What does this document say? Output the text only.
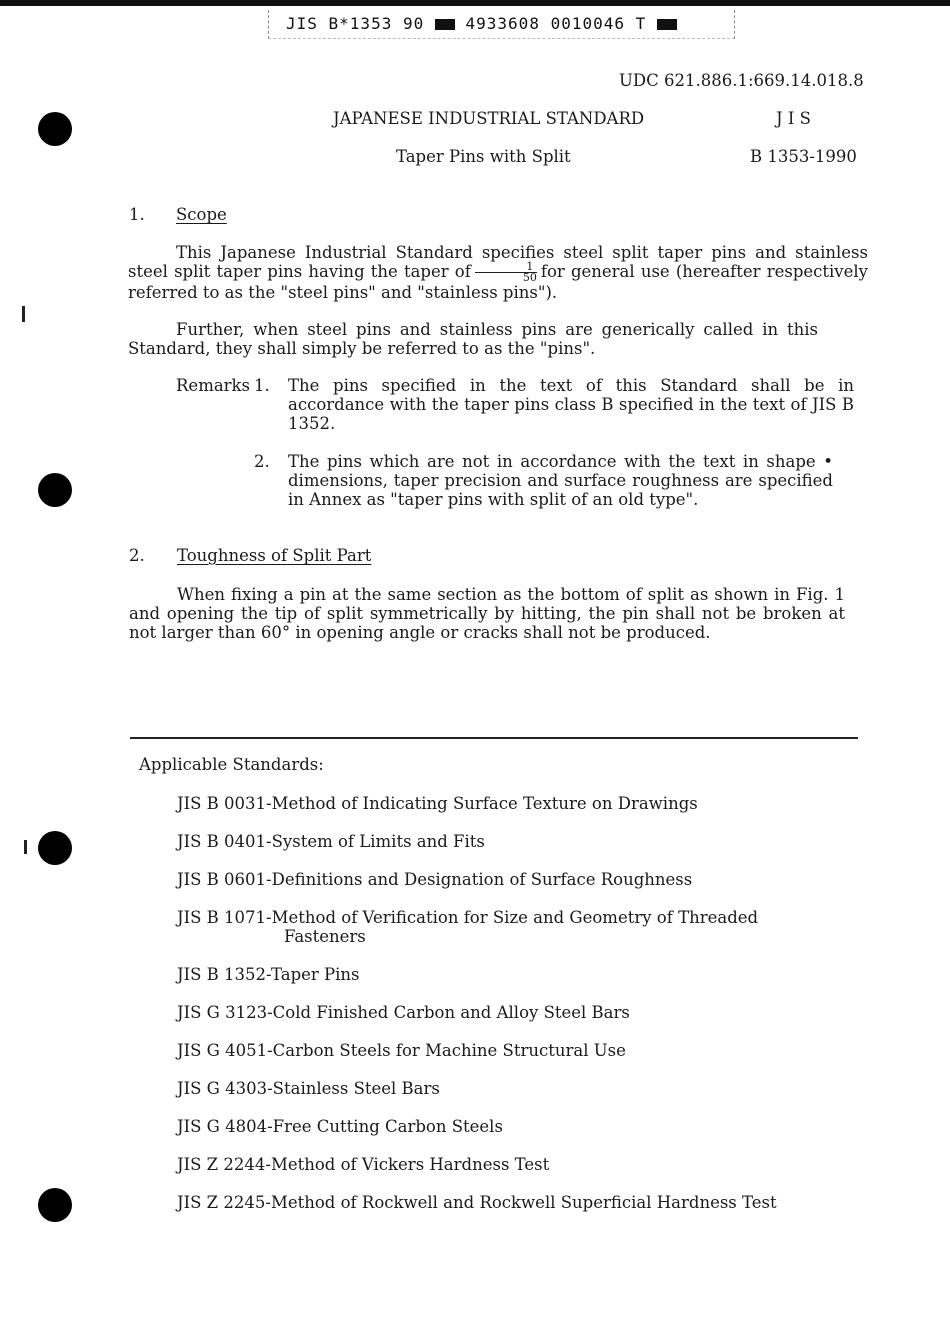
JIS B*1353 90	4933608 0010046 T
UDC 621.886.1:669.14.018.8
JAPANESE INDUSTRIAL STANDARD	J I S
Taper Pins with Split	B 1353-1990
1. Scope
This Japanese Industrial Standard specifies steel split taper pins and stainless steel split taper pins having the taper of $\frac{1}{50}$ for general use (hereafter respectively referred to as the "steel pins" and "stainless pins").
Further, when steel pins and stainless pins are generically called in this Standard, they shall simply be referred to as the "pins".
Remarks 1. The pins specified in the text of this Standard shall be in accordance with the taper pins class B specified in the text of JIS B 1352.
2. The pins which are not in accordance with the text in shape • dimensions, taper precision and surface roughness are specified in Annex as "taper pins with split of an old type".
2. Toughness of Split Part
When fixing a pin at the same section as the bottom of split as shown in Fig. 1 and opening the tip of split symmetrically by hitting, the pin shall not be broken at not larger than 60° in opening angle or cracks shall not be produced.
Applicable Standards:
JIS B 0031-Method of Indicating Surface Texture on Drawings
JIS B 0401-System of Limits and Fits
JIS B 0601-Definitions and Designation of Surface Roughness
JIS B 1071-Method of Verification for Size and Geometry of Threaded
Fasteners
JIS B 1352-Taper Pins
JIS G 3123-Cold Finished Carbon and Alloy Steel Bars
JIS G 4051-Carbon Steels for Machine Structural Use
JIS G 4303-Stainless Steel Bars
JIS G 4804-Free Cutting Carbon Steels
JIS Z 2244-Method of Vickers Hardness Test
JIS Z 2245-Method of Rockwell and Rockwell Superficial Hardness Test
